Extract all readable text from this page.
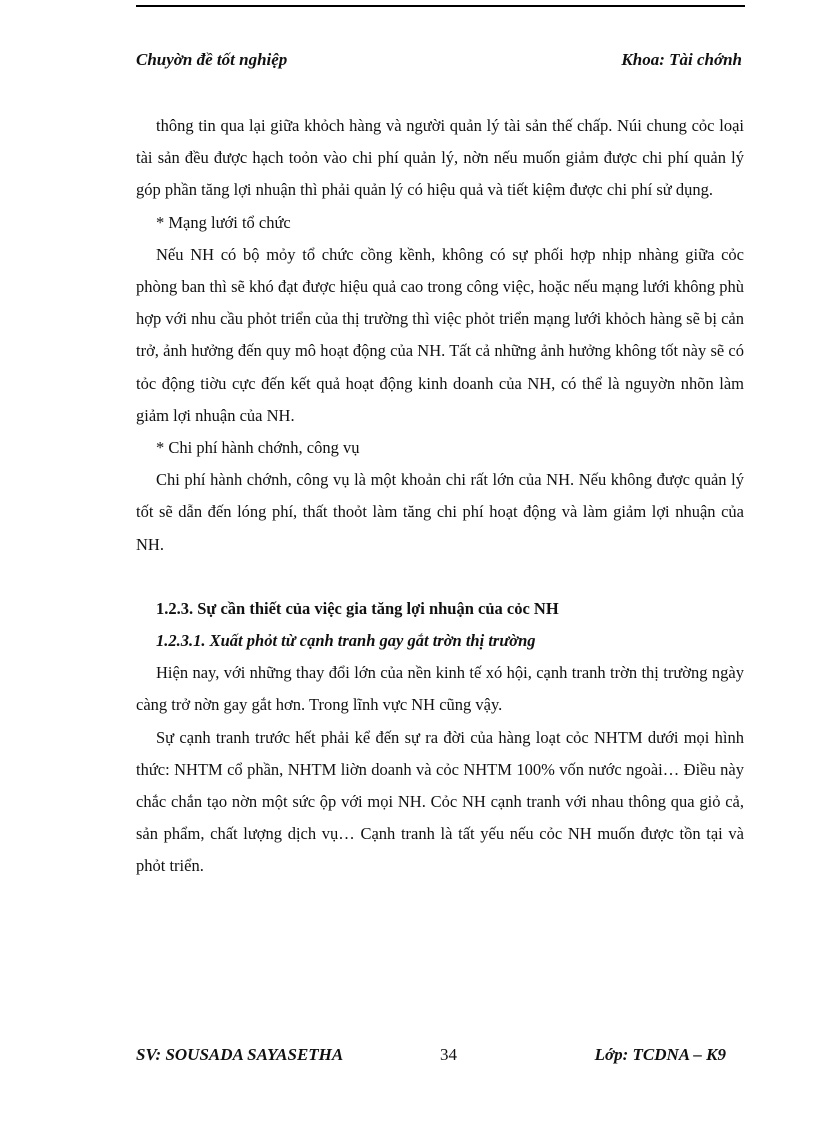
Chuyờn đề tốt nghiệp	Khoa: Tài chớnh

thông tin qua lại giữa khỏch hàng và người quản lý tài sản thế chấp. Núi chung cỏc loại tài sản đều được hạch toỏn vào chi phí quản lý, nờn nếu muốn giảm được chi phí quản lý góp phần tăng lợi nhuận thì phải quản lý có hiệu quả và tiết kiệm được chi phí sử dụng.

* Mạng lưới tổ chức

Nếu NH có bộ mỏy tổ chức cồng kềnh, không có sự phối hợp nhịp nhàng giữa cỏc phòng ban thì sẽ khó đạt được hiệu quả cao trong công việc, hoặc nếu mạng lưới không phù hợp với nhu cầu phỏt triển của thị trường thì việc phỏt triển mạng lưới khỏch hàng sẽ bị cản trở, ảnh hưởng đến quy mô hoạt động của NH. Tất cả những ảnh hưởng không tốt này sẽ có tỏc động tiờu cực đến kết quả hoạt động kinh doanh của NH, có thể là nguyờn nhõn làm giảm lợi nhuận của NH.

* Chi phí hành chớnh, công vụ

Chi phí hành chớnh, công vụ là một khoản chi rất lớn của NH. Nếu không được quản lý tốt sẽ dẫn đến lóng phí, thất thoỏt làm tăng chi phí hoạt động và làm giảm lợi nhuận của NH.

1.2.3. Sự cần thiết của việc gia tăng lợi nhuận của cỏc NH

1.2.3.1. Xuất phỏt từ cạnh tranh gay gắt trờn thị trường

Hiện nay, với những thay đổi lớn của nền kinh tế xó hội, cạnh tranh trờn thị trường ngày càng trở nờn gay gắt hơn. Trong lĩnh vực NH cũng vậy.

Sự cạnh tranh trước hết phải kể đến sự ra đời của hàng loạt cỏc NHTM dưới mọi hình thức: NHTM cổ phần, NHTM liờn doanh và cỏc NHTM 100% vốn nước ngoài… Điều này chắc chắn tạo nờn một sức ộp với mọi NH. Cỏc NH cạnh tranh với nhau thông qua giỏ cả, sản phẩm, chất lượng dịch vụ… Cạnh tranh là tất yếu nếu cỏc NH muốn được tồn tại và phỏt triển.

SV: SOUSADA SAYASETHA	34	Lớp: TCDNA – K9
